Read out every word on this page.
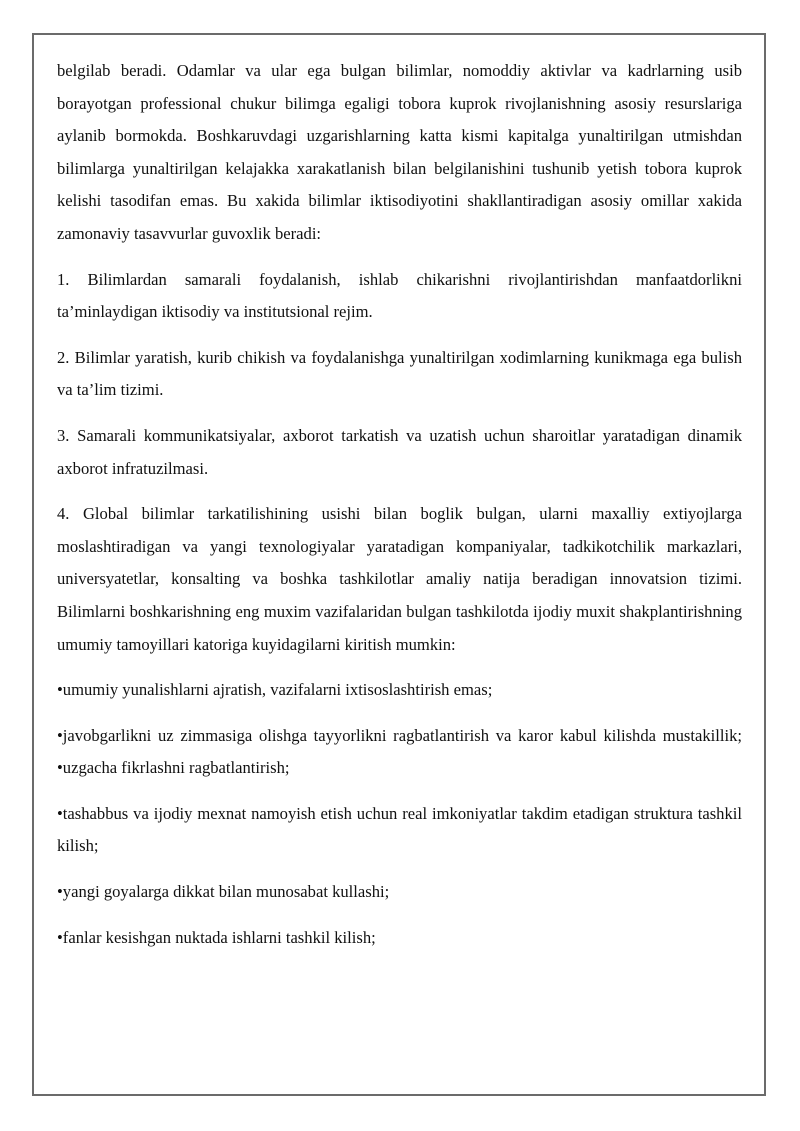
belgilab beradi. Odamlar va ular ega bulgan bilimlar, nomoddiy aktivlar va kadrlarning usib borayotgan professional chukur bilimga egaligi tobora kuprok rivojlanishning asosiy resurslariga aylanib bormokda. Boshkaruvdagi uzgarishlarning katta kismi kapitalga yunaltirilgan utmishdan bilimlarga yunaltirilgan kelajakka xarakatlanish bilan belgilanishini tushunib yetish tobora kuprok kelishi tasodifan emas. Bu xakida bilimlar iktisodiyotini shakllantiradigan asosiy omillar xakida zamonaviy tasavvurlar guvoxlik beradi:

1. Bilimlardan samarali foydalanish, ishlab chikarishni rivojlantirishdan manfaatdorlikni ta’minlaydigan iktisodiy va institutsional rejim.

2. Bilimlar yaratish, kurib chikish va foydalanishga yunaltirilgan xodimlarning kunikmaga ega bulish va ta’lim tizimi.

3. Samarali kommunikatsiyalar, axborot tarkatish va uzatish uchun sharoitlar yaratadigan dinamik axborot infratuzilmasi.

4. Global bilimlar tarkatilishining usishi bilan boglik bulgan, ularni maxalliy extiyojlarga moslashtiradigan va yangi texnologiyalar yaratadigan kompaniyalar, tadkikotchilik markazlari, universyatetlar, konsalting va boshka tashkilotlar amaliy natija beradigan innovatsion tizimi. Bilimlarni boshkarishning eng muxim vazifalaridan bulgan tashkilotda ijodiy muxit shakplantirishning umumiy tamoyillari katoriga kuyidagilarni kiritish mumkin:

•umumiy yunalishlarni ajratish, vazifalarni ixtisoslashtirish emas;

•javobgarlikni uz zimmasiga olishga tayyorlikni ragbatlantirish va karor kabul kilishda mustakillik; •uzgacha fikrlashni ragbatlantirish;

•tashabbus va ijodiy mexnat namoyish etish uchun real imkoniyatlar takdim etadigan struktura tashkil kilish;

•yangi goyalarga dikkat bilan munosabat kullashi;

•fanlar kesishgan nuktada ishlarni tashkil kilish;
